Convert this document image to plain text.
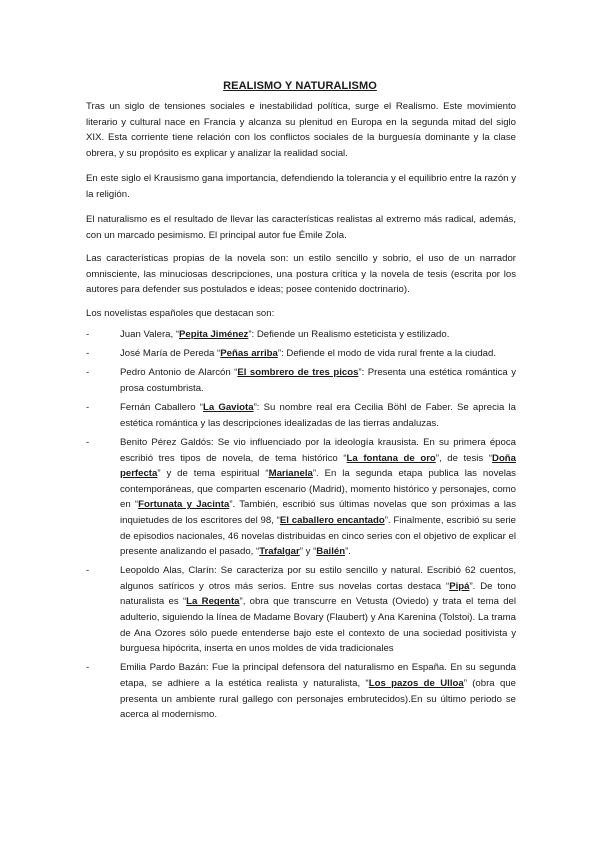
REALISMO Y NATURALISMO

Tras un siglo de tensiones sociales e inestabilidad política, surge el Realismo. Este movimiento literario y cultural nace en Francia y alcanza su plenitud en Europa en la segunda mitad del siglo XIX. Esta corriente tiene relación con los conflictos sociales de la burguesía dominante y la clase obrera, y su propósito es explicar y analizar la realidad social.

En este siglo el Krausismo gana importancia, defendiendo la tolerancia y el equilibrio entre la razón y la religión.

El naturalismo es el resultado de llevar las características realistas al extremo más radical, además, con un marcado pesimismo. El principal autor fue Émile Zola.

Las características propias de la novela son: un estilo sencillo y sobrio, el uso de un narrador omnisciente, las minuciosas descripciones, una postura crítica y la novela de tesis (escrita por los autores para defender sus postulados e ideas; posee contenido doctrinario).

Los novelistas españoles que destacan son:

-	Juan Valera, “Pepita Jiménez”: Defiende un Realismo esteticista y estilizado.
-	José María de Pereda “Peñas arriba”: Defiende el modo de vida rural frente a la ciudad.
-	Pedro Antonio de Alarcón “El sombrero de tres picos”: Presenta una estética romántica y prosa costumbrista.
-	Fernán Caballero “La Gaviota”: Su nombre real era Cecilia Böhl de Faber. Se aprecia la estética romántica y las descripciones idealizadas de las tierras andaluzas.
-	Benito Pérez Galdós: Se vio influenciado por la ideología krausista. En su primera época escribió tres tipos de novela, de tema histórico “La fontana de oro”, de tesis “Doña perfecta” y de tema espiritual “Marianela”. En la segunda etapa publica las novelas contemporáneas, que comparten escenario (Madrid), momento histórico y personajes, como en “Fortunata y Jacinta”. También, escribió sus últimas novelas que son próximas a las inquietudes de los escritores del 98, “El caballero encantado”. Finalmente, escribió su serie de episodios nacionales, 46 novelas distribuidas en cinco series con el objetivo de explicar el presente analizando el pasado, “Trafalgar” y “Bailén”.
-	Leopoldo Alas, Clarín: Se caracteriza por su estilo sencillo y natural. Escribió 62 cuentos, algunos satíricos y otros más serios. Entre sus novelas cortas destaca “Pipá”. De tono naturalista es “La Regenta”, obra que transcurre en Vetusta (Oviedo) y trata el tema del adulterio, siguiendo la línea de Madame Bovary (Flaubert) y Ana Karenina (Tolstoi). La trama de Ana Ozores sólo puede entenderse bajo este el contexto de una sociedad positivista y burguesa hipócrita, inserta en unos moldes de vida tradicionales
-	Emilia Pardo Bazán: Fue la principal defensora del naturalismo en España. En su segunda etapa, se adhiere a la estética realista y naturalista, “Los pazos de Ulloa” (obra que presenta un ambiente rural gallego con personajes embrutecidos).En su último periodo se acerca al modernismo.
